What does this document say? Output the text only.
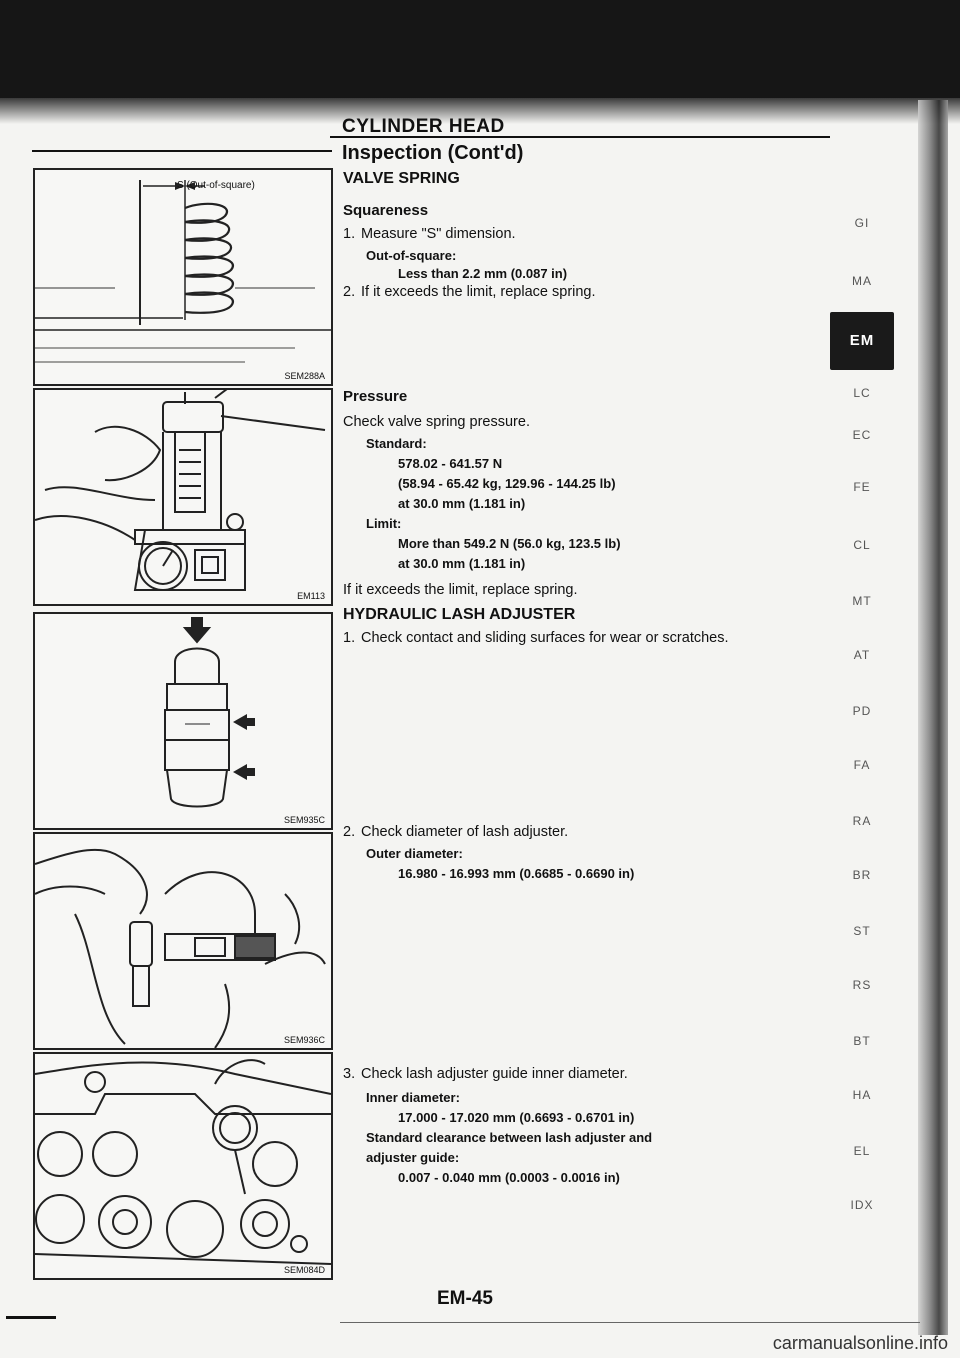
S (Out-of-square)
SEM288A
EM113
SEM935C
SEM936C
SEM084D
CYLINDER HEAD
Inspection (Cont'd)
VALVE SPRING
Squareness
1. Measure "S" dimension.
Out-of-square:
Less than 2.2 mm (0.087 in)
2. If it exceeds the limit, replace spring.
Pressure
Check valve spring pressure.
Standard:
578.02 - 641.57 N
(58.94 - 65.42 kg, 129.96 - 144.25 lb)
at 30.0 mm (1.181 in)
Limit:
More than 549.2 N (56.0 kg, 123.5 lb)
at 30.0 mm (1.181 in)
If it exceeds the limit, replace spring.
HYDRAULIC LASH ADJUSTER
1. Check contact and sliding surfaces for wear or scratches.
2. Check diameter of lash adjuster.
Outer diameter:
16.980 - 16.993 mm (0.6685 - 0.6690 in)
3. Check lash adjuster guide inner diameter.
Inner diameter:
17.000 - 17.020 mm (0.6693 - 0.6701 in)
Standard clearance between lash adjuster and
adjuster guide:
0.007 - 0.040 mm (0.0003 - 0.0016 in)
EM-45
GI
MA
EM
LC
EC
FE
CL
MT
AT
PD
FA
RA
BR
ST
RS
BT
HA
EL
IDX
carmanualsonline.info
